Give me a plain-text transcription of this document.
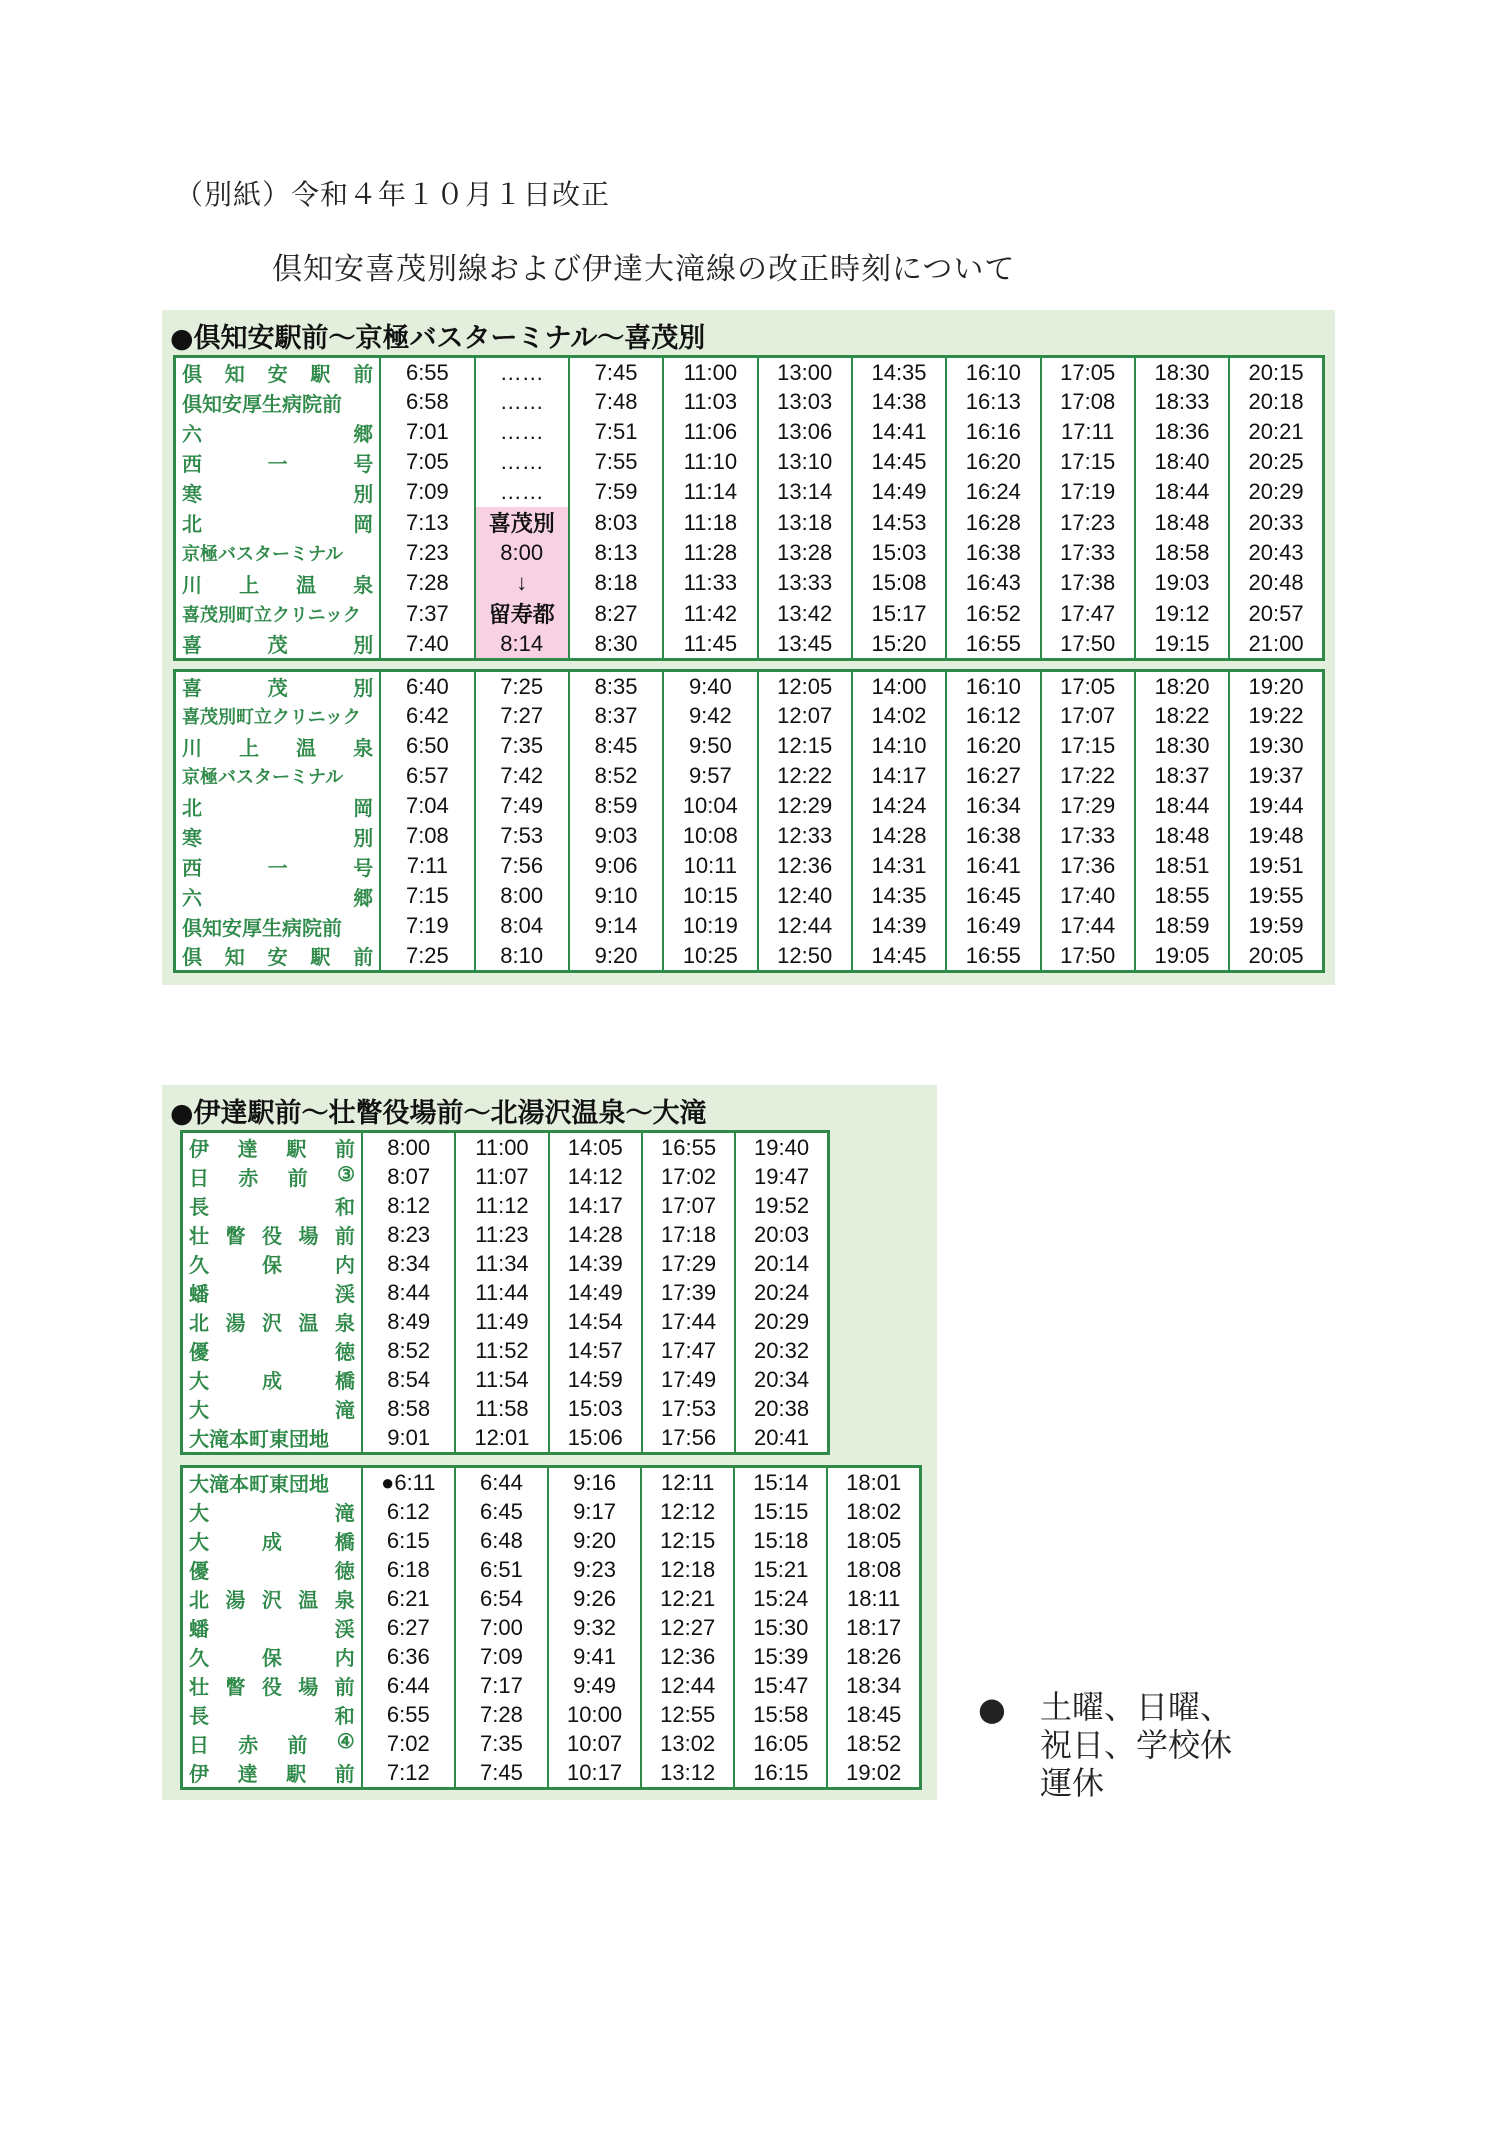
（別紙）令和４年１０月１日改正
倶知安喜茂別線および伊達大滝線の改正時刻について
●倶知安駅前～京極バスターミナル～喜茂別
倶 知 安 駅 前	6:55	……	7:45	11:00	13:00	14:35	16:10	17:05	18:30	20:15

倶知安厚生病院前	6:58	……	7:48	11:03	13:03	14:38	16:13	17:08	18:33	20:18

六 郷	7:01	……	7:51	11:06	13:06	14:41	16:16	17:11	18:36	20:21

西 一 号	7:05	……	7:55	11:10	13:10	14:45	16:20	17:15	18:40	20:25

寒 別	7:09	……	7:59	11:14	13:14	14:49	16:24	17:19	18:44	20:29

北 岡	7:13	喜茂別	8:03	11:18	13:18	14:53	16:28	17:23	18:48	20:33

京極バスターミナル	7:23	8:00	8:13	11:28	13:28	15:03	16:38	17:33	18:58	20:43

川 上 温 泉	7:28	↓	8:18	11:33	13:33	15:08	16:43	17:38	19:03	20:48

喜茂別町立クリニック	7:37	留寿都	8:27	11:42	13:42	15:17	16:52	17:47	19:12	20:57

喜 茂 別	7:40	8:14	8:30	11:45	13:45	15:20	16:55	17:50	19:15	21:00
喜 茂 別	6:40	7:25	8:35	9:40	12:05	14:00	16:10	17:05	18:20	19:20

喜茂別町立クリニック	6:42	7:27	8:37	9:42	12:07	14:02	16:12	17:07	18:22	19:22

川 上 温 泉	6:50	7:35	8:45	9:50	12:15	14:10	16:20	17:15	18:30	19:30

京極バスターミナル	6:57	7:42	8:52	9:57	12:22	14:17	16:27	17:22	18:37	19:37

北 岡	7:04	7:49	8:59	10:04	12:29	14:24	16:34	17:29	18:44	19:44

寒 別	7:08	7:53	9:03	10:08	12:33	14:28	16:38	17:33	18:48	19:48

西 一 号	7:11	7:56	9:06	10:11	12:36	14:31	16:41	17:36	18:51	19:51

六 郷	7:15	8:00	9:10	10:15	12:40	14:35	16:45	17:40	18:55	19:55

倶知安厚生病院前	7:19	8:04	9:14	10:19	12:44	14:39	16:49	17:44	18:59	19:59

倶 知 安 駅 前	7:25	8:10	9:20	10:25	12:50	14:45	16:55	17:50	19:05	20:05
●伊達駅前～壮瞥役場前～北湯沢温泉～大滝
伊 達 駅 前	8:00	11:00	14:05	16:55	19:40

日 赤 前 ③	8:07	11:07	14:12	17:02	19:47

長 和	8:12	11:12	14:17	17:07	19:52

壮 瞥 役 場 前	8:23	11:23	14:28	17:18	20:03

久 保 内	8:34	11:34	14:39	17:29	20:14

蟠 渓	8:44	11:44	14:49	17:39	20:24

北 湯 沢 温 泉	8:49	11:49	14:54	17:44	20:29

優 徳	8:52	11:52	14:57	17:47	20:32

大 成 橋	8:54	11:54	14:59	17:49	20:34

大 滝	8:58	11:58	15:03	17:53	20:38

大滝本町東団地	9:01	12:01	15:06	17:56	20:41
大滝本町東団地	●6:11	6:44	9:16	12:11	15:14	18:01

大 滝	6:12	6:45	9:17	12:12	15:15	18:02

大 成 橋	6:15	6:48	9:20	12:15	15:18	18:05

優 徳	6:18	6:51	9:23	12:18	15:21	18:08

北 湯 沢 温 泉	6:21	6:54	9:26	12:21	15:24	18:11

蟠 渓	6:27	7:00	9:32	12:27	15:30	18:17

久 保 内	6:36	7:09	9:41	12:36	15:39	18:26

壮 瞥 役 場 前	6:44	7:17	9:49	12:44	15:47	18:34

長 和	6:55	7:28	10:00	12:55	15:58	18:45

日 赤 前 ④	7:02	7:35	10:07	13:02	16:05	18:52

伊 達 駅 前	7:12	7:45	10:17	13:12	16:15	19:02
● 土曜、日曜、
祝日、学校休
運休
